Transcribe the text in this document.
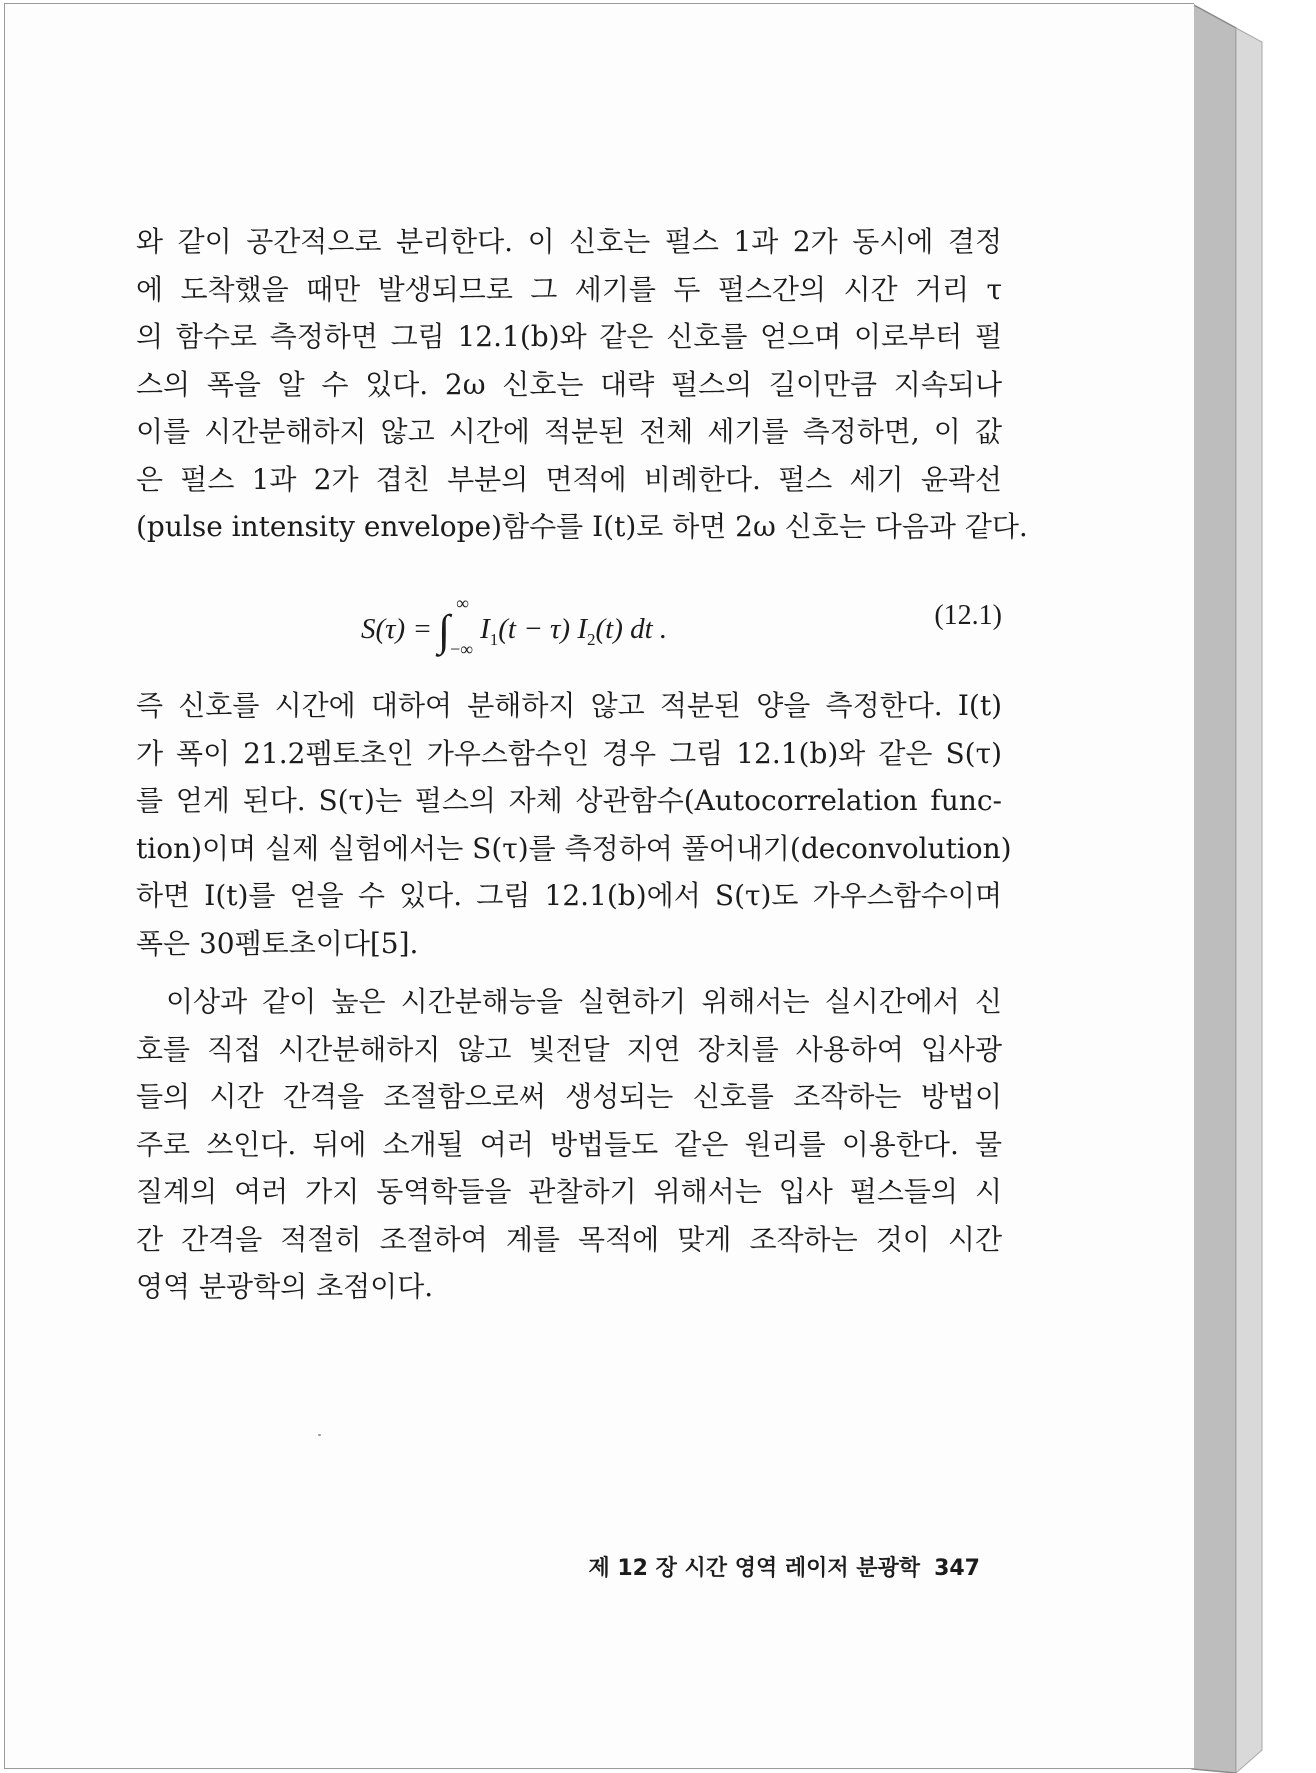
와 같이 공간적으로 분리한다. 이 신호는 펄스 1과 2가 동시에 결정
에 도착했을 때만 발생되므로 그 세기를 두 펄스간의 시간 거리 τ
의 함수로 측정하면 그림 12.1(b)와 같은 신호를 얻으며 이로부터 펄
스의 폭을 알 수 있다. 2ω 신호는 대략 펄스의 길이만큼 지속되나
이를 시간분해하지 않고 시간에 적분된 전체 세기를 측정하면, 이 값
은 펄스 1과 2가 겹친 부분의 면적에 비례한다. 펄스 세기 윤곽선
(pulse intensity envelope)함수를 I(t)로 하면 2ω 신호는 다음과 같다.
S(τ) = ∫
∞
−∞
$I_1(t - \tau)$ $I_2(t)$ dt .	(12.1)
즉 신호를 시간에 대하여 분해하지 않고 적분된 양을 측정한다. I(t)
가 폭이 21.2펨토초인 가우스함수인 경우 그림 12.1(b)와 같은 S(τ)
를 얻게 된다. S(τ)는 펄스의 자체 상관함수(Autocorrelation func-
tion)이며 실제 실험에서는 S(τ)를 측정하여 풀어내기(deconvolution)
하면 I(t)를 얻을 수 있다. 그림 12.1(b)에서 S(τ)도 가우스함수이며
폭은 30펨토초이다[5].
이상과 같이 높은 시간분해능을 실현하기 위해서는 실시간에서 신
호를 직접 시간분해하지 않고 빛전달 지연 장치를 사용하여 입사광
들의 시간 간격을 조절함으로써 생성되는 신호를 조작하는 방법이
주로 쓰인다. 뒤에 소개될 여러 방법들도 같은 원리를 이용한다. 물
질계의 여러 가지 동역학들을 관찰하기 위해서는 입사 펄스들의 시
간 간격을 적절히 조절하여 계를 목적에 맞게 조작하는 것이 시간
영역 분광학의 초점이다.
제 12 장 시간 영역 레이저 분광학 347
